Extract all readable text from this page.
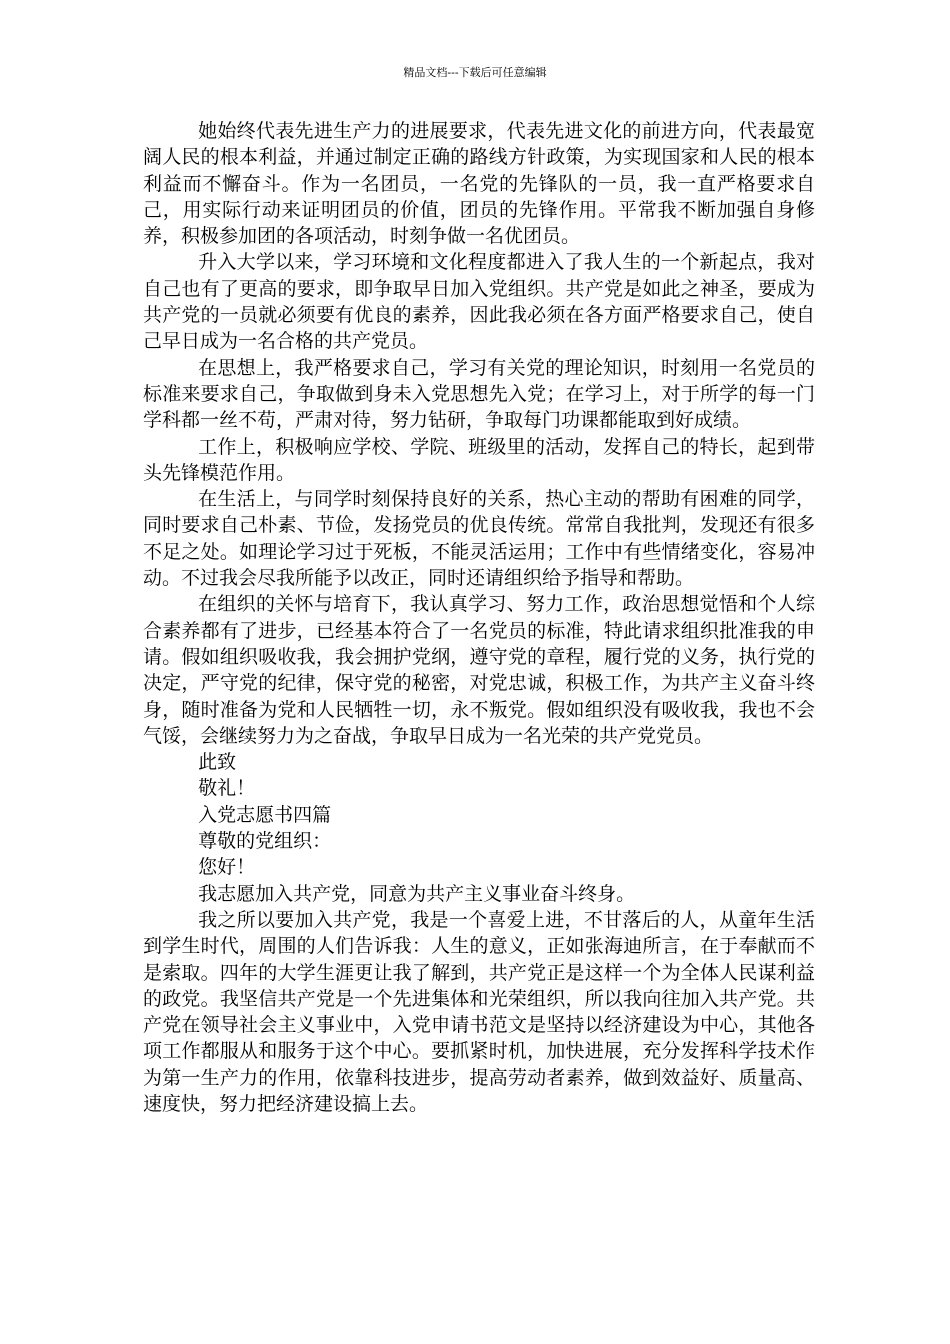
精品文档---下载后可任意编辑

她始终代表先进生产力的进展要求，代表先进文化的前进方向，代表最宽阔人民的根本利益，并通过制定正确的路线方针政策，为实现国家和人民的根本利益而不懈奋斗。作为一名团员，一名党的先锋队的一员，我一直严格要求自己，用实际行动来证明团员的价值，团员的先锋作用。平常我不断加强自身修养，积极参加团的各项活动，时刻争做一名优团员。

升入大学以来，学习环境和文化程度都进入了我人生的一个新起点，我对自己也有了更高的要求，即争取早日加入党组织。共产党是如此之神圣，要成为共产党的一员就必须要有优良的素养，因此我必须在各方面严格要求自己，使自己早日成为一名合格的共产党员。

在思想上，我严格要求自己，学习有关党的理论知识，时刻用一名党员的标准来要求自己，争取做到身未入党思想先入党；在学习上，对于所学的每一门学科都一丝不苟，严肃对待，努力钻研，争取每门功课都能取到好成绩。

工作上，积极响应学校、学院、班级里的活动，发挥自己的特长，起到带头先锋模范作用。

在生活上，与同学时刻保持良好的关系，热心主动的帮助有困难的同学，同时要求自己朴素、节俭，发扬党员的优良传统。常常自我批判，发现还有很多不足之处。如理论学习过于死板，不能灵活运用；工作中有些情绪变化，容易冲动。不过我会尽我所能予以改正，同时还请组织给予指导和帮助。

在组织的关怀与培育下，我认真学习、努力工作，政治思想觉悟和个人综合素养都有了进步，已经基本符合了一名党员的标准，特此请求组织批准我的申请。假如组织吸收我，我会拥护党纲，遵守党的章程，履行党的义务，执行党的决定，严守党的纪律，保守党的秘密，对党忠诚，积极工作，为共产主义奋斗终身，随时准备为党和人民牺牲一切，永不叛党。假如组织没有吸收我，我也不会气馁，会继续努力为之奋战，争取早日成为一名光荣的共产党党员。

此致

敬礼！

入党志愿书四篇

尊敬的党组织：

您好！

我志愿加入共产党，同意为共产主义事业奋斗终身。

我之所以要加入共产党，我是一个喜爱上进，不甘落后的人，从童年生活到学生时代，周围的人们告诉我：人生的意义，正如张海迪所言，在于奉献而不是索取。四年的大学生涯更让我了解到，共产党正是这样一个为全体人民谋利益的政党。我坚信共产党是一个先进集体和光荣组织，所以我向往加入共产党。共产党在领导社会主义事业中，入党申请书范文是坚持以经济建设为中心，其他各项工作都服从和服务于这个中心。要抓紧时机，加快进展，充分发挥科学技术作为第一生产力的作用，依靠科技进步，提高劳动者素养，做到效益好、质量高、速度快，努力把经济建设搞上去。
